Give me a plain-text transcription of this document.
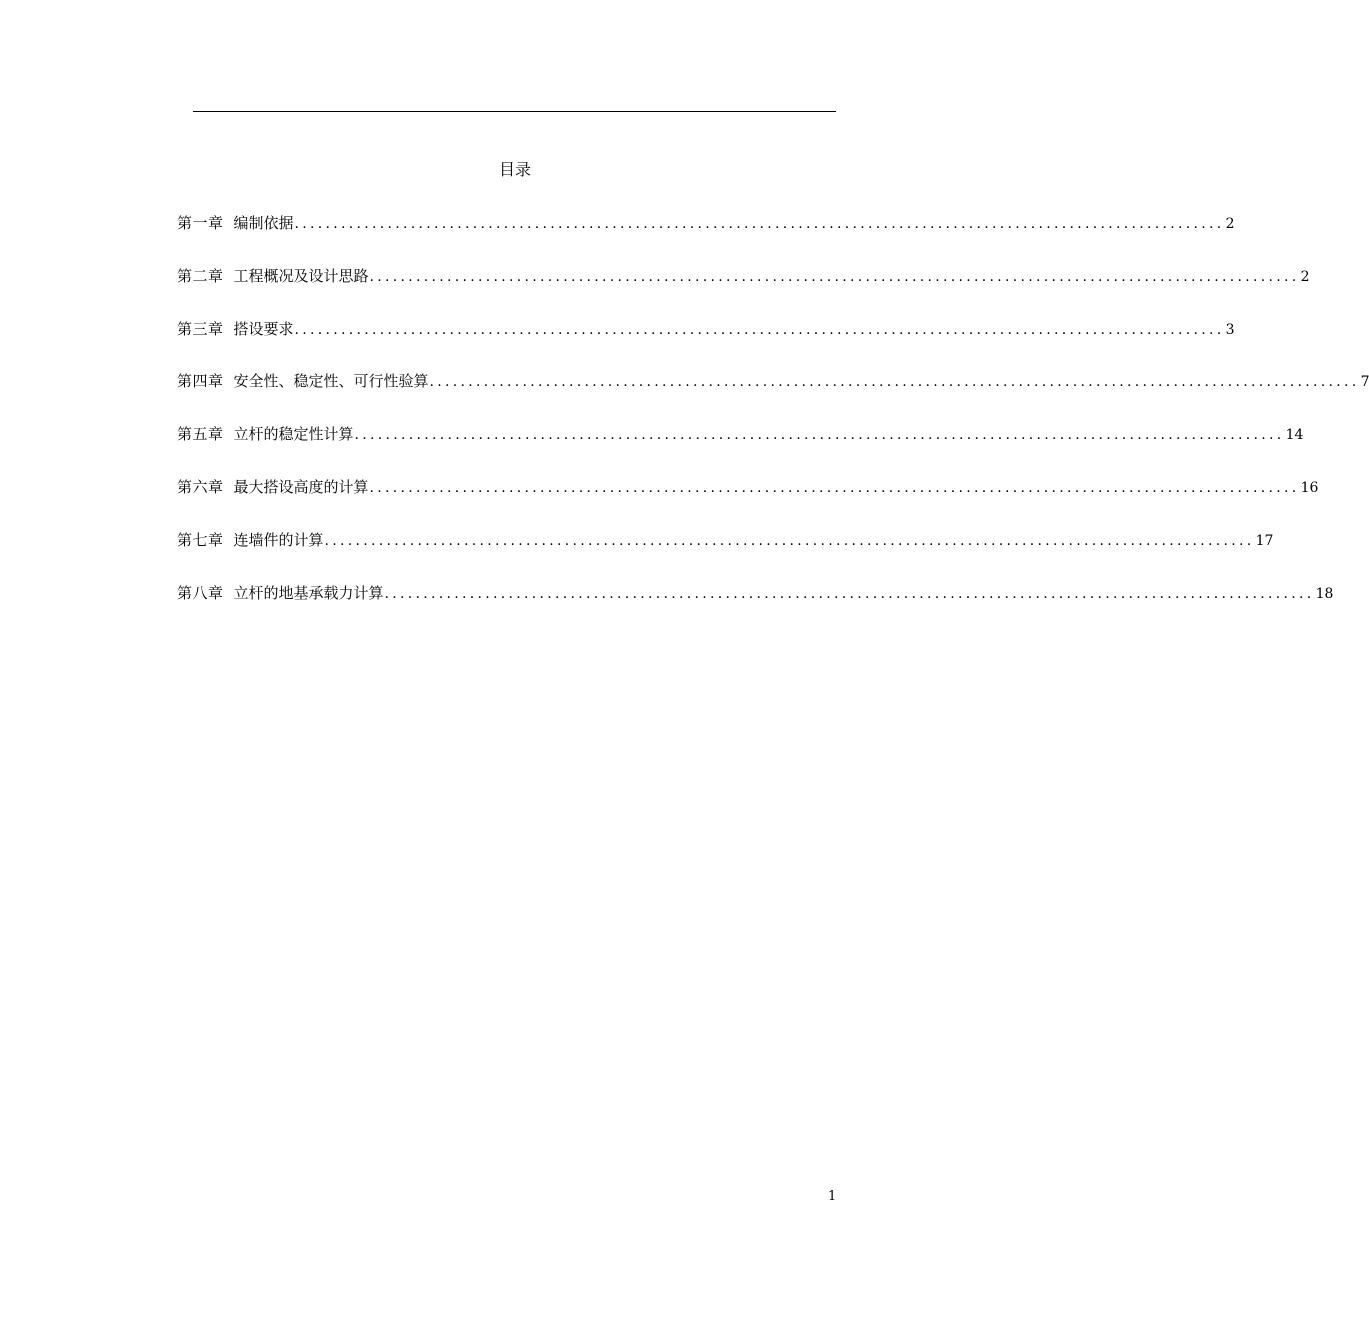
目录
第一章 编制依据 ........................................................................................................................ 2
第二章 工程概况及设计思路 ........................................................................................................................ 2
第三章 搭设要求 ........................................................................................................................ 3
第四章 安全性、稳定性、可行性验算 ........................................................................................................................ 7
第五章 立杆的稳定性计算 ........................................................................................................................ 14
第六章 最大搭设高度的计算 ........................................................................................................................ 16
第七章 连墙件的计算 ........................................................................................................................ 17
第八章 立杆的地基承载力计算 ........................................................................................................................ 18
1
